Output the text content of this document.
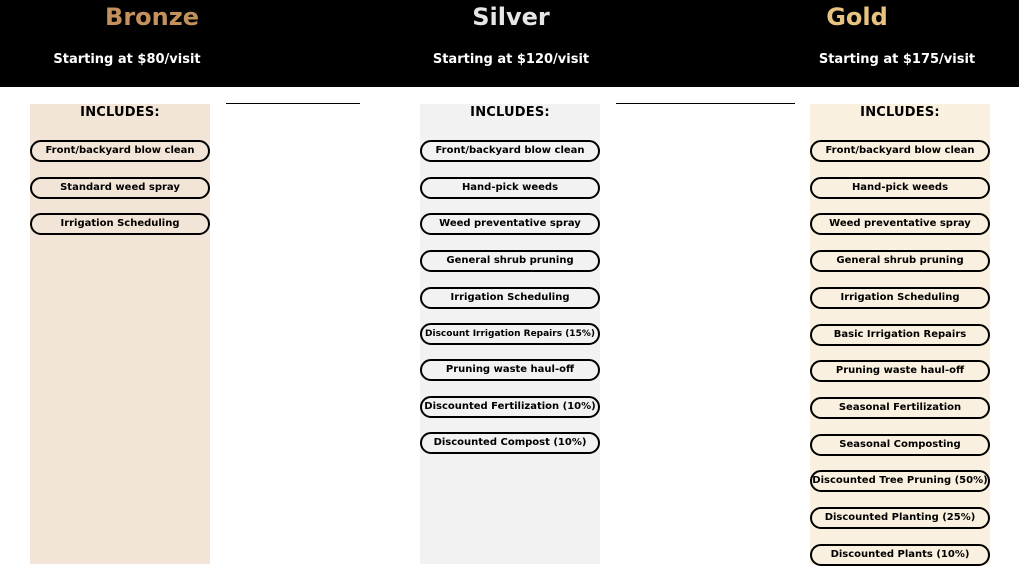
Bronze	Silver	Gold
Starting at $80/visit	Starting at $120/visit	Starting at $175/visit
INCLUDES:
Front/backyard blow clean
Standard weed spray
Irrigation Scheduling
INCLUDES:
Front/backyard blow clean
Hand-pick weeds
Weed preventative spray
General shrub pruning
Irrigation Scheduling
Discount Irrigation Repairs (15%)
Pruning waste haul-off
Discounted Fertilization (10%)
Discounted Compost (10%)
INCLUDES:
Front/backyard blow clean
Hand-pick weeds
Weed preventative spray
General shrub pruning
Irrigation Scheduling
Basic Irrigation Repairs
Pruning waste haul-off
Seasonal Fertilization
Seasonal Composting
Discounted Tree Pruning (50%)
Discounted Planting (25%)
Discounted Plants (10%)
